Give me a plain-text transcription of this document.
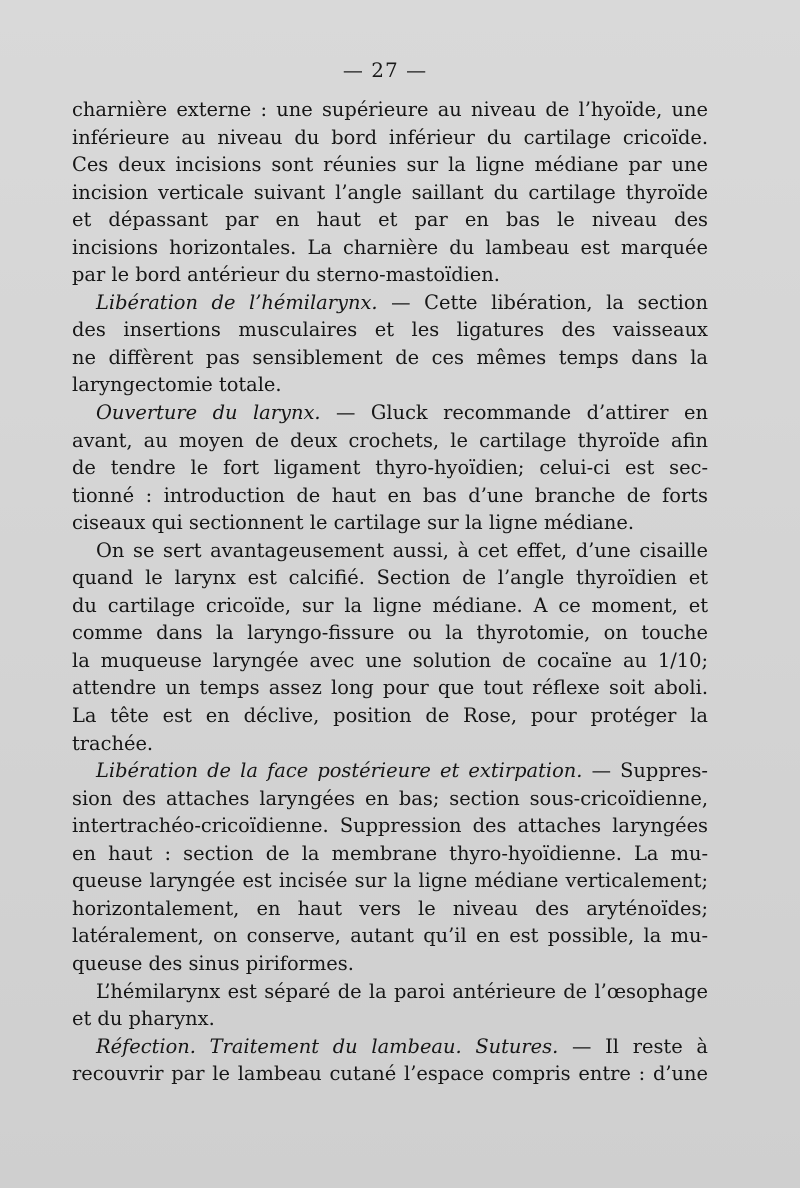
— 27 —

charnière externe : une supérieure au niveau de l’hyoïde, une
inférieure au niveau du bord inférieur du cartilage cricoïde.
Ces deux incisions sont réunies sur la ligne médiane par une
incision verticale suivant l’angle saillant du cartilage thyroïde
et dépassant par en haut et par en bas le niveau des
incisions horizontales. La charnière du lambeau est marquée
par le bord antérieur du sterno-mastoïdien.

Libération de l’hémilarynx. — Cette libération, la section
des insertions musculaires et les ligatures des vaisseaux
ne diffèrent pas sensiblement de ces mêmes temps dans la
laryngectomie totale.

Ouverture du larynx. — Gluck recommande d’attirer en
avant, au moyen de deux crochets, le cartilage thyroïde afin
de tendre le fort ligament thyro-hyoïdien; celui-ci est sec-
tionné : introduction de haut en bas d’une branche de forts
ciseaux qui sectionnent le cartilage sur la ligne médiane.

On se sert avantageusement aussi, à cet effet, d’une cisaille
quand le larynx est calcifié. Section de l’angle thyroïdien et
du cartilage cricoïde, sur la ligne médiane. A ce moment, et
comme dans la laryngo-fissure ou la thyrotomie, on touche
la muqueuse laryngée avec une solution de cocaïne au 1/10;
attendre un temps assez long pour que tout réflexe soit aboli.
La tête est en déclive, position de Rose, pour protéger la
trachée.

Libération de la face postérieure et extirpation. — Suppres-
sion des attaches laryngées en bas; section sous-cricoïdienne,
intertrachéo-cricoïdienne. Suppression des attaches laryngées
en haut : section de la membrane thyro-hyoïdienne. La mu-
queuse laryngée est incisée sur la ligne médiane verticalement;
horizontalement, en haut vers le niveau des aryténoïdes;
latéralement, on conserve, autant qu’il en est possible, la mu-
queuse des sinus piriformes.

L’hémilarynx est séparé de la paroi antérieure de l’œsophage
et du pharynx.

Réfection. Traitement du lambeau. Sutures. — Il reste à
recouvrir par le lambeau cutané l’espace compris entre : d’une
